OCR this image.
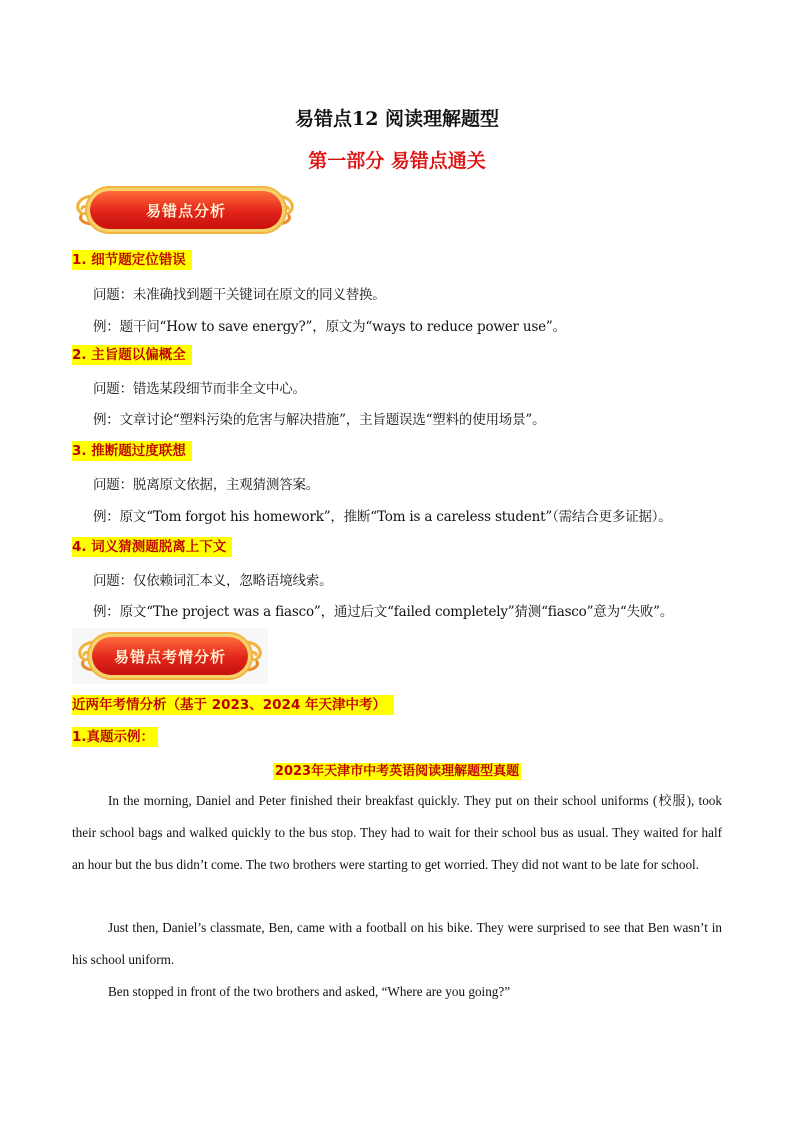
易错点12 阅读理解题型
第一部分 易错点通关
易错点分析
1. 细节题定位错误
问题：未准确找到题干关键词在原文的同义替换。
例：题干问“How to save energy?”，原文为“ways to reduce power use”。
2. 主旨题以偏概全
问题：错选某段细节而非全文中心。
例：文章讨论“塑料污染的危害与解决措施”，主旨题误选“塑料的使用场景”。
3. 推断题过度联想
问题：脱离原文依据，主观猜测答案。
例：原文“Tom forgot his homework”，推断“Tom is a careless student”（需结合更多证据）。
4. 词义猜测题脱离上下文
问题：仅依赖词汇本义，忽略语境线索。
例：原文“The project was a fiasco”，通过后文“failed completely”猜测“fiasco”意为“失败”。
易错点考情分析
近两年考情分析（基于 2023、2024 年天津中考）
1.真题示例：
2023年天津市中考英语阅读理解题型真题
In the morning, Daniel and Peter finished their breakfast quickly. They put on their school uniforms (校服), took their school bags and walked quickly to the bus stop. They had to wait for their school bus as usual. They waited for half an hour but the bus didn’t come. The two brothers were starting to get worried. They did not want to be late for school.
Just then, Daniel’s classmate, Ben, came with a football on his bike. They were surprised to see that Ben wasn’t in his school uniform.
Ben stopped in front of the two brothers and asked, “Where are you going?”
